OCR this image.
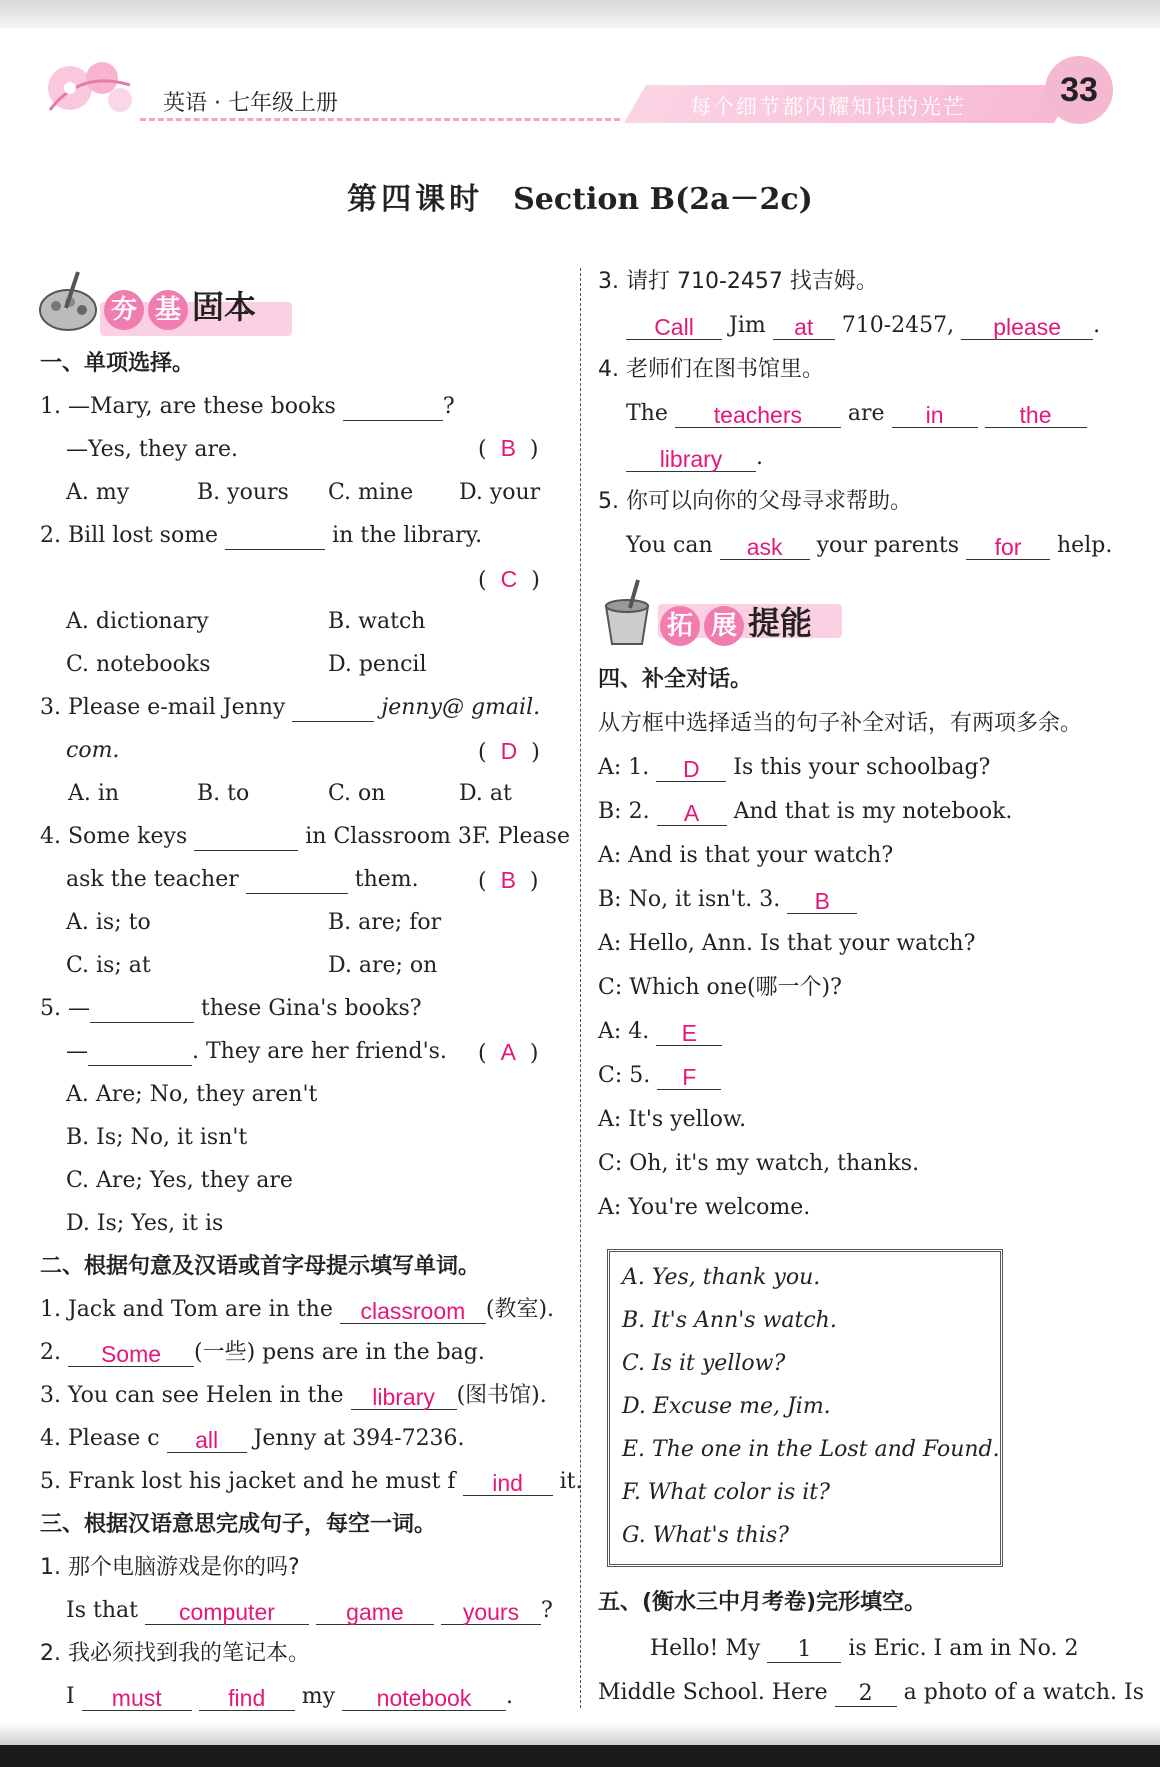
英语 · 七年级上册	每个细节都闪耀知识的光芒	33
第四课时 Section B(2a－2c)
夯 基 固本
一、单项选择。
1. —Mary, are these books	?
—Yes, they are.	(  B  )
A. my	B. yours C. mine D. your
2. Bill lost some	in the library.
(  C  )
A. dictionary	B. watch
C. notebooks	D. pencil
3. Please e-mail Jenny	jenny@ gmail.
com.	(  D  )
A. in	B. to	C. on	D. at
4. Some keys	in Classroom 3F. Please
ask the teacher	them.	(  B  )
A. is; to	B. are; for
C. is; at	D. are; on
5. —	these Gina's books?
—	. They are her friend's. (  A  )
A. Are; No, they aren't
B. Is; No, it isn't
C. Are; Yes, they are
D. Is; Yes, it is
二、根据句意及汉语或首字母提示填写单词。
1. Jack and Tom are in the classroom (教室).
2. Some (一些) pens are in the bag.
3. You can see Helen in the library (图书馆).
4. Please c all Jenny at 394-7236.
5. Frank lost his jacket and he must f ind it.
三、根据汉语意思完成句子，每空一词。
1. 那个电脑游戏是你的吗?
Is that computer	game	yours ?
2. 我必须找到我的笔记本。
I must	find my notebook .
3. 请打 710-2457 找吉姆。
Call Jim at 710-2457, please .
4. 老师们在图书馆里。
The teachers are in	the
library .
5. 你可以向你的父母寻求帮助。
You can ask your parents for help.
拓 展 提能
四、补全对话。
从方框中选择适当的句子补全对话，有两项多余。
A: 1. D Is this your schoolbag?
B: 2. A And that is my notebook.
A: And is that your watch?
B: No, it isn't. 3. B
A: Hello, Ann. Is that your watch?
C: Which one(哪一个)?
A: 4. E
C: 5. F
A: It's yellow.
C: Oh, it's my watch, thanks.
A: You're welcome.
A. Yes, thank you.
B. It's Ann's watch.
C. Is it yellow?
D. Excuse me, Jim.
E. The one in the Lost and Found.
F. What color is it?
G. What's this?
五、(衡水三中月考卷)完形填空。
Hello! My 1 is Eric. I am in No. 2
Middle School. Here 2 a photo of a watch. Is
